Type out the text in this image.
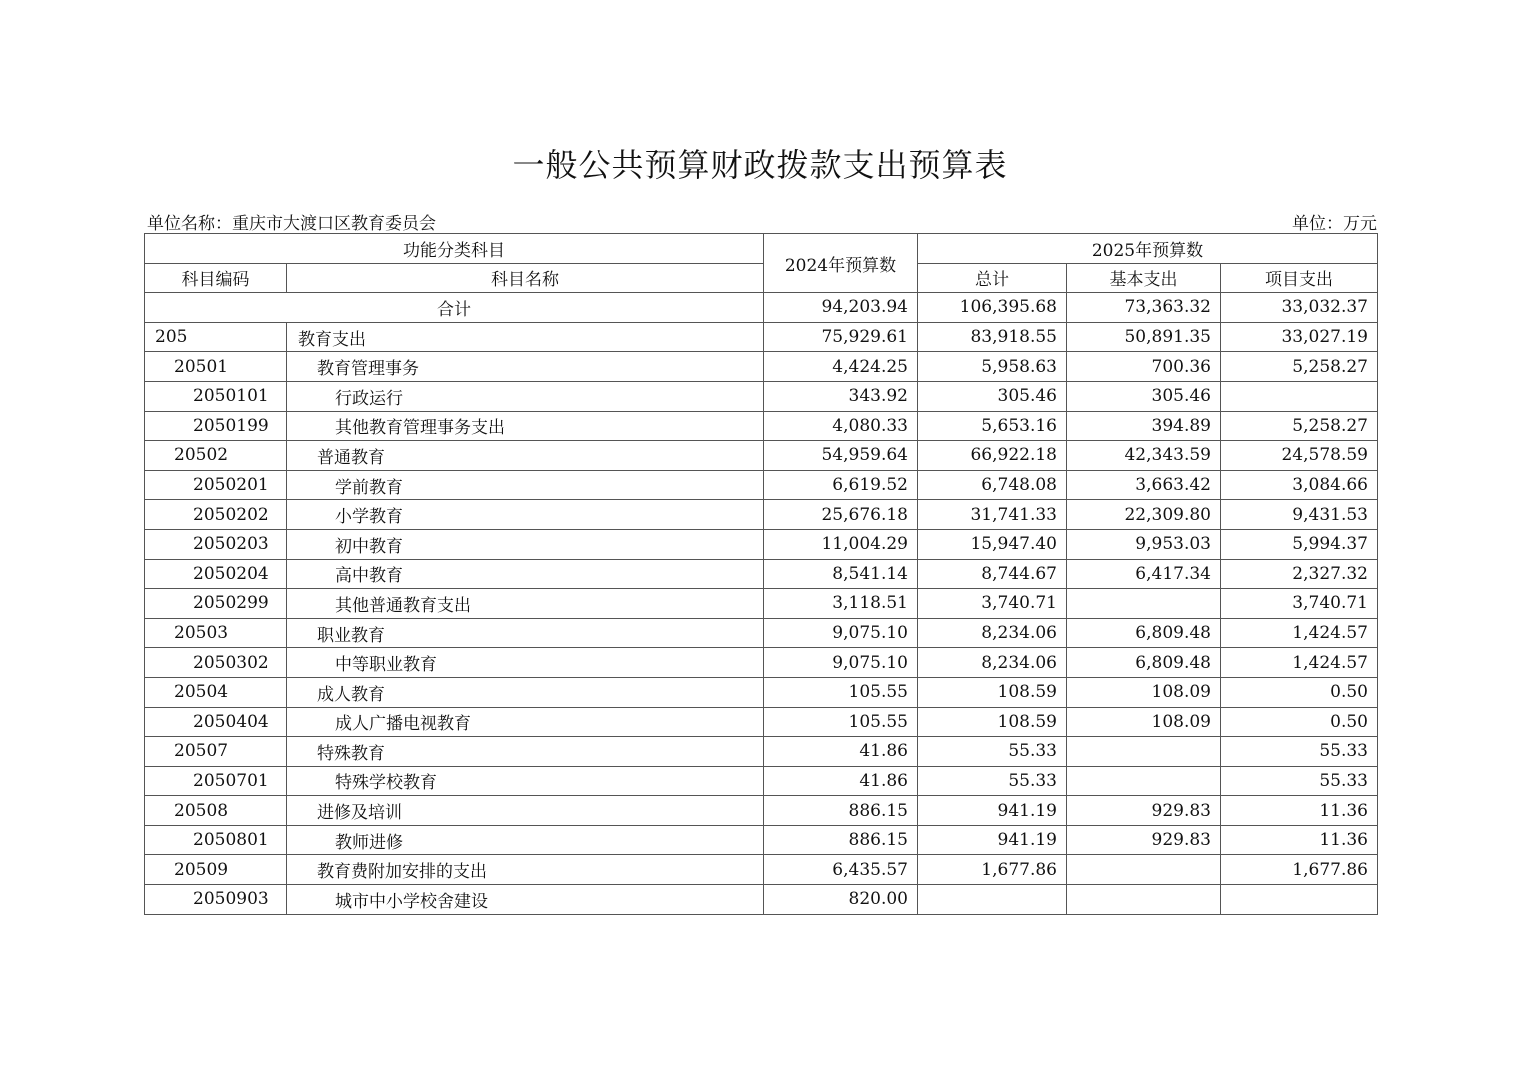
一般公共预算财政拨款支出预算表
单位名称：重庆市大渡口区教育委员会	单位：万元
功能分类科目		2024年预算数	2025年预算数		
科目编码	科目名称		总计	基本支出	项目支出
合计		94,203.94	106,395.68	73,363.32	33,032.37
205	教育支出	75,929.61	83,918.55	50,891.35	33,027.19
20501	教育管理事务	4,424.25	5,958.63	700.36	5,258.27
2050101	行政运行	343.92	305.46	305.46	
2050199	其他教育管理事务支出	4,080.33	5,653.16	394.89	5,258.27
20502	普通教育	54,959.64	66,922.18	42,343.59	24,578.59
2050201	学前教育	6,619.52	6,748.08	3,663.42	3,084.66
2050202	小学教育	25,676.18	31,741.33	22,309.80	9,431.53
2050203	初中教育	11,004.29	15,947.40	9,953.03	5,994.37
2050204	高中教育	8,541.14	8,744.67	6,417.34	2,327.32
2050299	其他普通教育支出	3,118.51	3,740.71		3,740.71
20503	职业教育	9,075.10	8,234.06	6,809.48	1,424.57
2050302	中等职业教育	9,075.10	8,234.06	6,809.48	1,424.57
20504	成人教育	105.55	108.59	108.09	0.50
2050404	成人广播电视教育	105.55	108.59	108.09	0.50
20507	特殊教育	41.86	55.33		55.33
2050701	特殊学校教育	41.86	55.33		55.33
20508	进修及培训	886.15	941.19	929.83	11.36
2050801	教师进修	886.15	941.19	929.83	11.36
20509	教育费附加安排的支出	6,435.57	1,677.86		1,677.86
2050903	城市中小学校舍建设	820.00			
